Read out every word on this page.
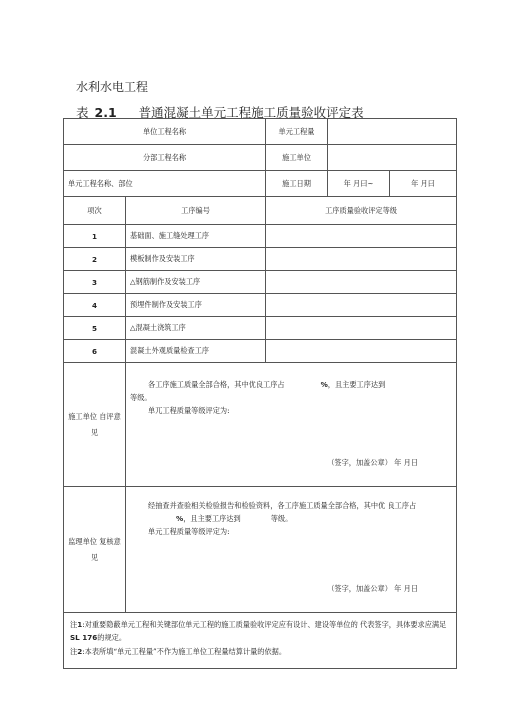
水利水电工程
表 2.1 普通混凝土单元工程施工质量验收评定表
单位工程名称		单元工程量		
分部工程名称		施工单位		
单元工程名称、部位		施工日期	年 月曰~	年 月曰
项次	工序编号	工序质量验收评定等级		
1	基础面、施工缝处理工序			
2	模板制作及安装工序			
3	△钢筋制作及安装工序			
4	预埋件制作及安装工序			
5	△混凝土浇筑工序			
6	混凝土外观质量检查工序			
施工单位 自评意见	各工序施工质量全部合格，其中优良工序占 %，且主要工序达到
等级。
单兀工程质量等级评定为:
（签字，加盖公章） 年 月日			

监理单位 复核意见	经抽查并查验相关检验报告和检验资料，各工序施工质量全部合格，其中优 良工序占
%，且主要工序达到 等级。
单元工程质量等级评定为:
（签字，加盖公章） 年 月日			

注1:对重要隐蔽单元工程和关键部位单元工程的施工质量验收评定应有设计、建设等单位的 代表签字，具体要求应满足 SL 176的规定。
注2:本表所填“单元工程量”不作为施工单位工程量结算计量的依据。				
